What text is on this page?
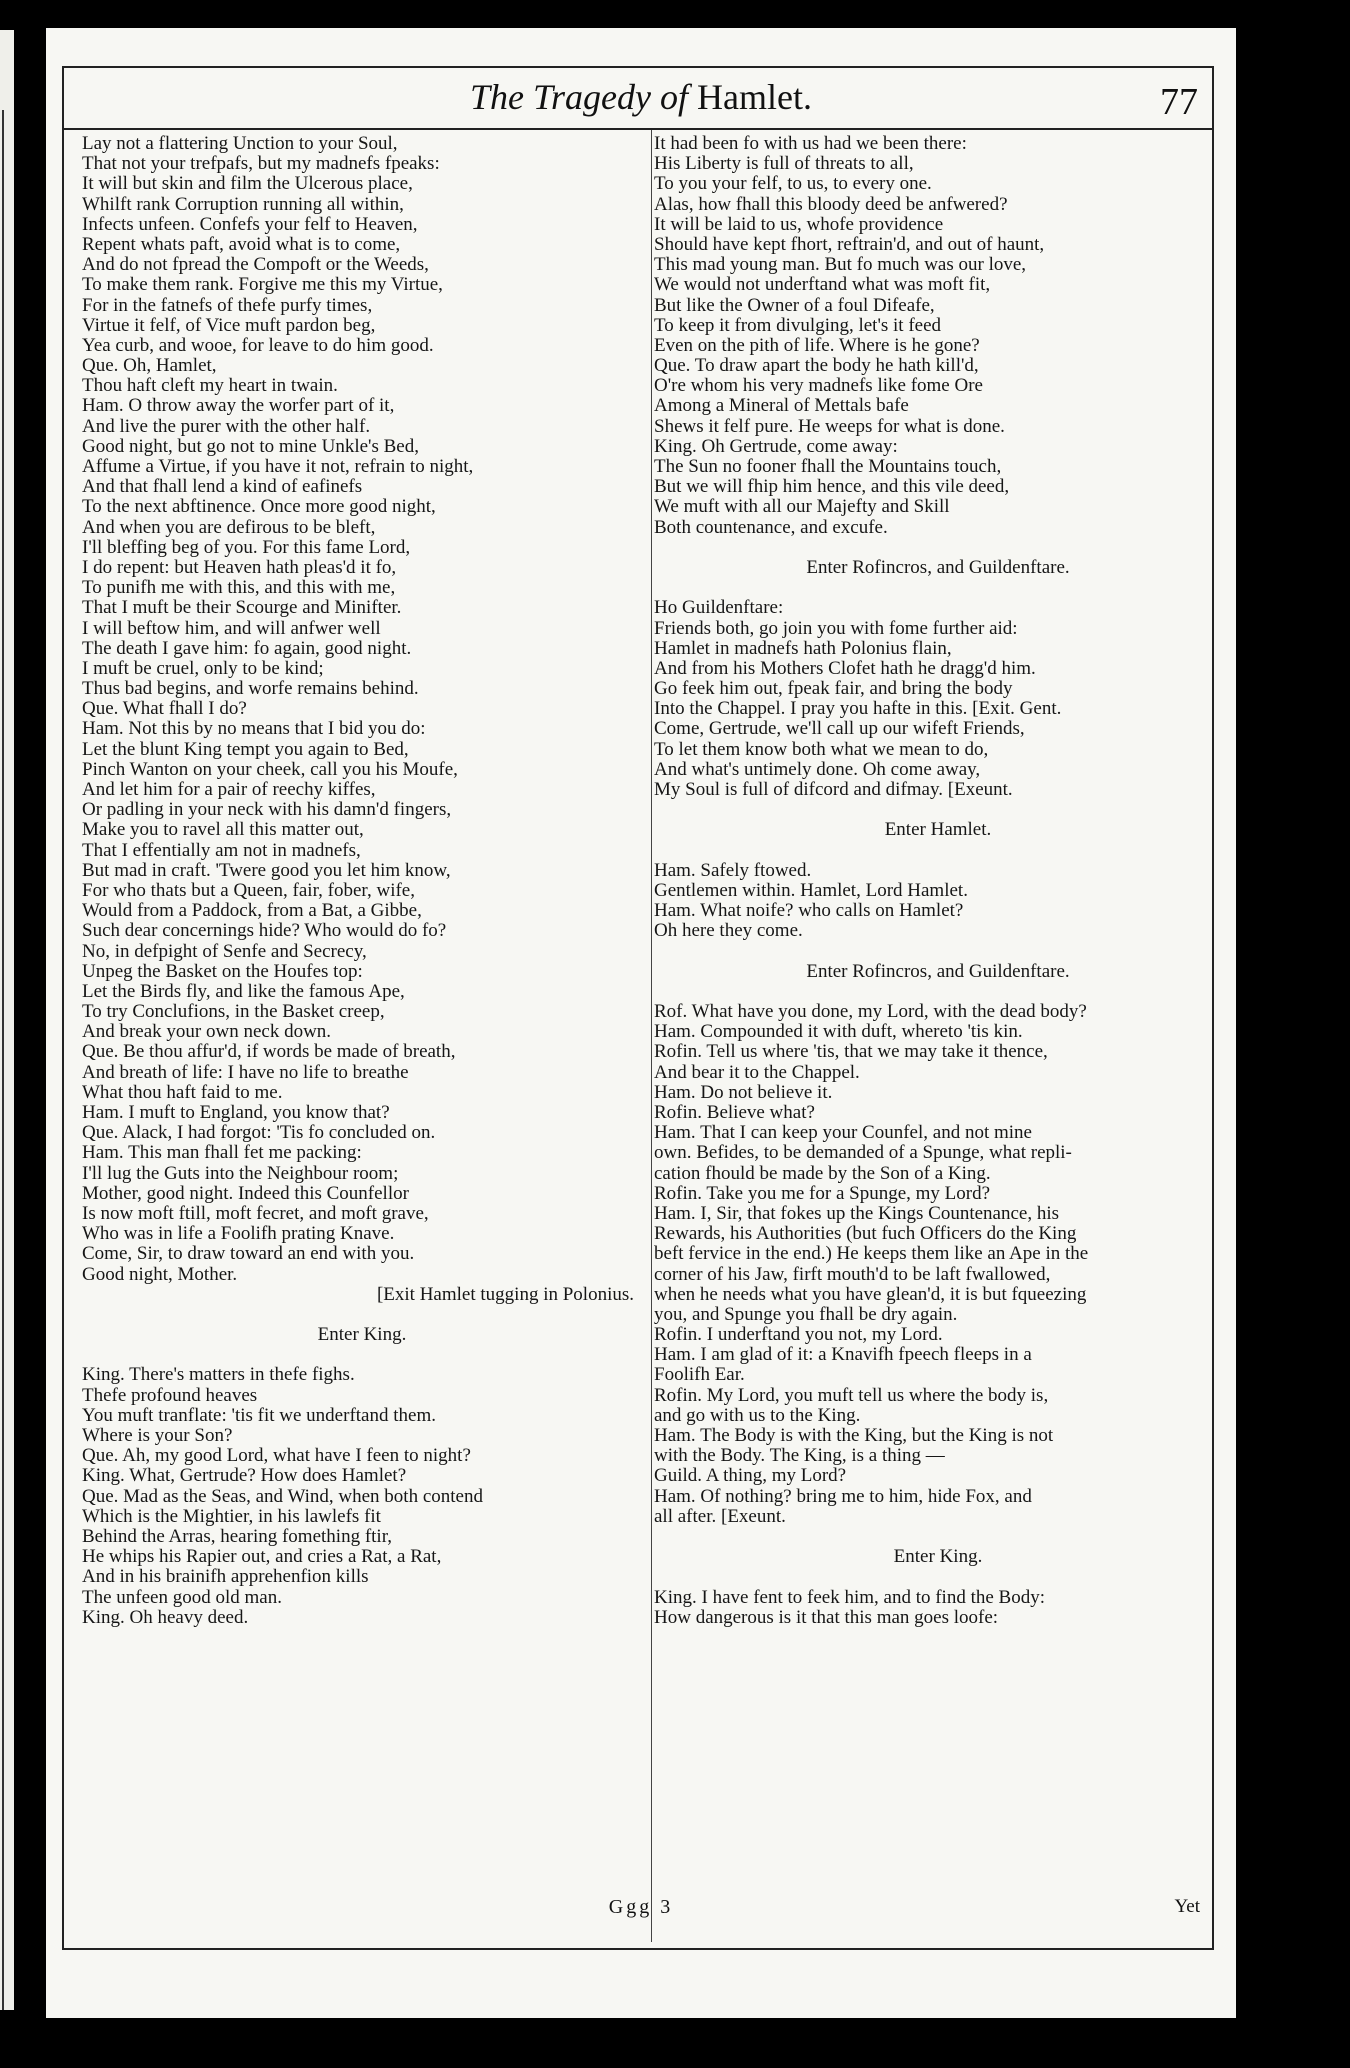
The Tragedy of Hamlet.	77
Lay not a flattering Unction to your Soul,
That not your trefpafs, but my madnefs fpeaks:
It will but skin and film the Ulcerous place,
Whilft rank Corruption running all within,
Infects unfeen. Confefs your felf to Heaven,
Repent whats paft, avoid what is to come,
And do not fpread the Compoft or the Weeds,
To make them rank. Forgive me this my Virtue,
For in the fatnefs of thefe purfy times,
Virtue it felf, of Vice muft pardon beg,
Yea curb, and wooe, for leave to do him good.
Que. Oh, Hamlet,
Thou haft cleft my heart in twain.
Ham. O throw away the worfer part of it,
And live the purer with the other half.
Good night, but go not to mine Unkle's Bed,
Affume a Virtue, if you have it not, refrain to night,
And that fhall lend a kind of eafinefs
To the next abftinence. Once more good night,
And when you are defirous to be bleft,
I'll bleffing beg of you. For this fame Lord,
I do repent: but Heaven hath pleas'd it fo,
To punifh me with this, and this with me,
That I muft be their Scourge and Minifter.
I will beftow him, and will anfwer well
The death I gave him: fo again, good night.
I muft be cruel, only to be kind;
Thus bad begins, and worfe remains behind.
Que. What fhall I do?
Ham. Not this by no means that I bid you do:
Let the blunt King tempt you again to Bed,
Pinch Wanton on your cheek, call you his Moufe,
And let him for a pair of reechy kiffes,
Or padling in your neck with his damn'd fingers,
Make you to ravel all this matter out,
That I effentially am not in madnefs,
But mad in craft. 'Twere good you let him know,
For who thats but a Queen, fair, fober, wife,
Would from a Paddock, from a Bat, a Gibbe,
Such dear concernings hide? Who would do fo?
No, in defpight of Senfe and Secrecy,
Unpeg the Basket on the Houfes top:
Let the Birds fly, and like the famous Ape,
To try Conclufions, in the Basket creep,
And break your own neck down.
Que. Be thou affur'd, if words be made of breath,
And breath of life: I have no life to breathe
What thou haft faid to me.
Ham. I muft to England, you know that?
Que. Alack, I had forgot: 'Tis fo concluded on.
Ham. This man fhall fet me packing:
I'll lug the Guts into the Neighbour room;
Mother, good night. Indeed this Counfellor
Is now moft ftill, moft fecret, and moft grave,
Who was in life a Foolifh prating Knave.
Come, Sir, to draw toward an end with you.
Good night, Mother.
[Exit Hamlet tugging in Polonius.
Enter King.
King. There's matters in thefe fighs.
Thefe profound heaves
You muft tranflate: 'tis fit we underftand them.
Where is your Son?
Que. Ah, my good Lord, what have I feen to night?
King. What, Gertrude? How does Hamlet?
Que. Mad as the Seas, and Wind, when both contend
Which is the Mightier, in his lawlefs fit
Behind the Arras, hearing fomething ftir,
He whips his Rapier out, and cries a Rat, a Rat,
And in his brainifh apprehenfion kills
The unfeen good old man.
King. Oh heavy deed.
It had been fo with us had we been there:
His Liberty is full of threats to all,
To you your felf, to us, to every one.
Alas, how fhall this bloody deed be anfwered?
It will be laid to us, whofe providence
Should have kept fhort, reftrain'd, and out of haunt,
This mad young man. But fo much was our love,
We would not underftand what was moft fit,
But like the Owner of a foul Difeafe,
To keep it from divulging, let's it feed
Even on the pith of life. Where is he gone?
Que. To draw apart the body he hath kill'd,
O're whom his very madnefs like fome Ore
Among a Mineral of Mettals bafe
Shews it felf pure. He weeps for what is done.
King. Oh Gertrude, come away:
The Sun no fooner fhall the Mountains touch,
But we will fhip him hence, and this vile deed,
We muft with all our Majefty and Skill
Both countenance, and excufe.
Enter Rofincros, and Guildenftare.
Ho Guildenftare:
Friends both, go join you with fome further aid:
Hamlet in madnefs hath Polonius flain,
And from his Mothers Clofet hath he dragg'd him.
Go feek him out, fpeak fair, and bring the body
Into the Chappel. I pray you hafte in this. [Exit. Gent.
Come, Gertrude, we'll call up our wifeft Friends,
To let them know both what we mean to do,
And what's untimely done. Oh come away,
My Soul is full of difcord and difmay. [Exeunt.
Enter Hamlet.
Ham. Safely ftowed.
Gentlemen within. Hamlet, Lord Hamlet.
Ham. What noife? who calls on Hamlet?
Oh here they come.
Enter Rofincros, and Guildenftare.
Rof. What have you done, my Lord, with the dead body?
Ham. Compounded it with duft, whereto 'tis kin.
Rofin. Tell us where 'tis, that we may take it thence,
And bear it to the Chappel.
Ham. Do not believe it.
Rofin. Believe what?
Ham. That I can keep your Counfel, and not mine
own. Befides, to be demanded of a Spunge, what repli-
cation fhould be made by the Son of a King.
Rofin. Take you me for a Spunge, my Lord?
Ham. I, Sir, that fokes up the Kings Countenance, his
Rewards, his Authorities (but fuch Officers do the King
beft fervice in the end.) He keeps them like an Ape in the
corner of his Jaw, firft mouth'd to be laft fwallowed,
when he needs what you have glean'd, it is but fqueezing
you, and Spunge you fhall be dry again.
Rofin. I underftand you not, my Lord.
Ham. I am glad of it: a Knavifh fpeech fleeps in a
Foolifh Ear.
Rofin. My Lord, you muft tell us where the body is,
and go with us to the King.
Ham. The Body is with the King, but the King is not
with the Body. The King, is a thing —
Guild. A thing, my Lord?
Ham. Of nothing? bring me to him, hide Fox, and
all after. [Exeunt.
Enter King.
King. I have fent to feek him, and to find the Body:
How dangerous is it that this man goes loofe:
Ggg 3	Yet
